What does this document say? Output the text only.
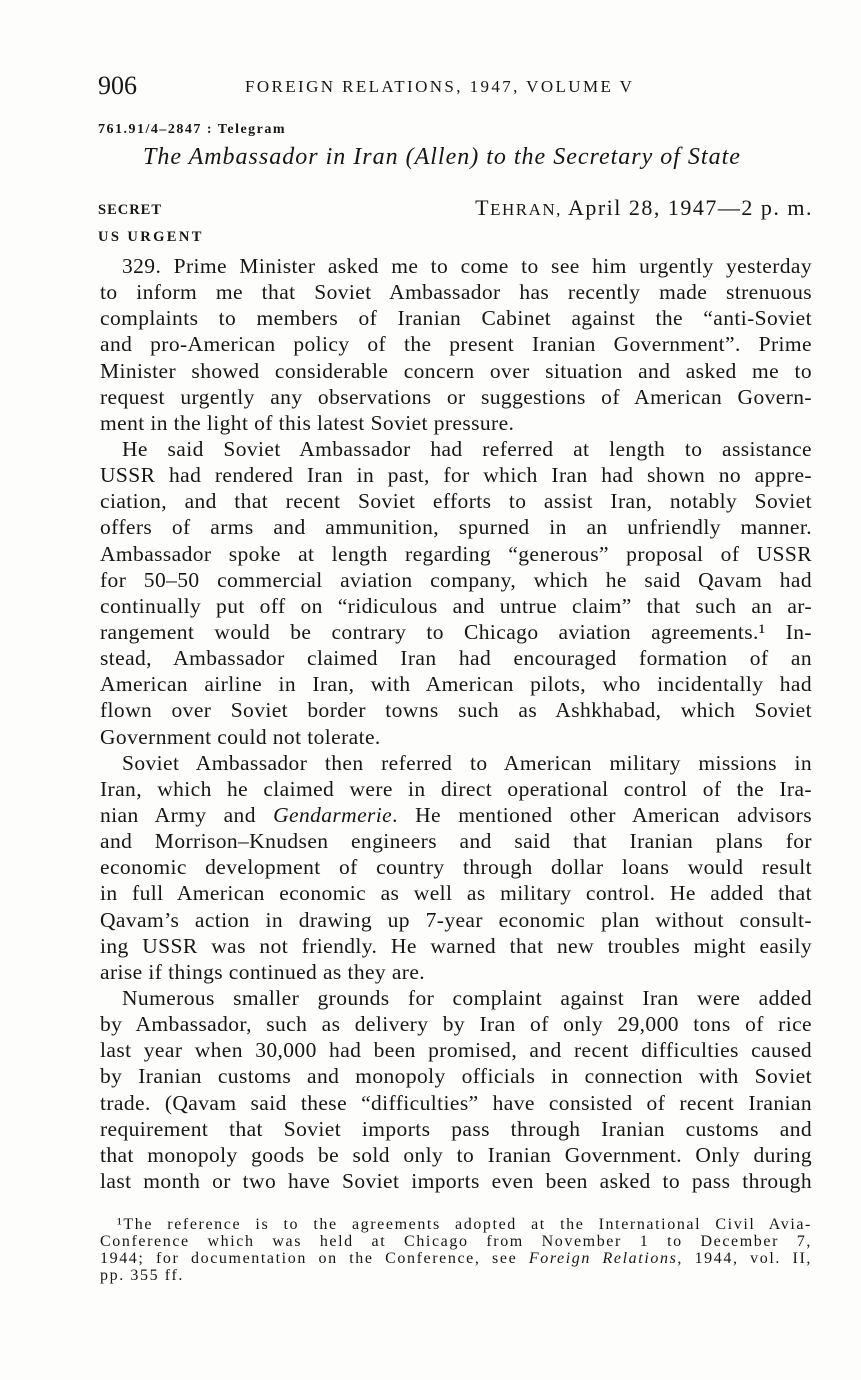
906	FOREIGN RELATIONS, 1947, VOLUME V
761.91/4–2847 : Telegram
The Ambassador in Iran (Allen) to the Secretary of State
SECRET
US URGENT
TEHRAN, April 28, 1947—2 p. m.
329. Prime Minister asked me to come to see him urgently yesterday
to inform me that Soviet Ambassador has recently made strenuous
complaints to members of Iranian Cabinet against the “anti-Soviet
and pro-American policy of the present Iranian Government”. Prime
Minister showed considerable concern over situation and asked me to
request urgently any observations or suggestions of American Govern-
ment in the light of this latest Soviet pressure.
He said Soviet Ambassador had referred at length to assistance
USSR had rendered Iran in past, for which Iran had shown no appre-
ciation, and that recent Soviet efforts to assist Iran, notably Soviet
offers of arms and ammunition, spurned in an unfriendly manner.
Ambassador spoke at length regarding “generous” proposal of USSR
for 50–50 commercial aviation company, which he said Qavam had
continually put off on “ridiculous and untrue claim” that such an ar-
rangement would be contrary to Chicago aviation agreements.¹ In-
stead, Ambassador claimed Iran had encouraged formation of an
American airline in Iran, with American pilots, who incidentally had
flown over Soviet border towns such as Ashkhabad, which Soviet
Government could not tolerate.
Soviet Ambassador then referred to American military missions in
Iran, which he claimed were in direct operational control of the Ira-
nian Army and Gendarmerie. He mentioned other American advisors
and Morrison–Knudsen engineers and said that Iranian plans for
economic development of country through dollar loans would result
in full American economic as well as military control. He added that
Qavam’s action in drawing up 7-year economic plan without consult-
ing USSR was not friendly. He warned that new troubles might easily
arise if things continued as they are.
Numerous smaller grounds for complaint against Iran were added
by Ambassador, such as delivery by Iran of only 29,000 tons of rice
last year when 30,000 had been promised, and recent difficulties caused
by Iranian customs and monopoly officials in connection with Soviet
trade. (Qavam said these “difficulties” have consisted of recent Iranian
requirement that Soviet imports pass through Iranian customs and
that monopoly goods be sold only to Iranian Government. Only during
last month or two have Soviet imports even been asked to pass through
¹The reference is to the agreements adopted at the International Civil Avia-
Conference which was held at Chicago from November 1 to December 7,
1944; for documentation on the Conference, see Foreign Relations, 1944, vol. II,
pp. 355 ff.
